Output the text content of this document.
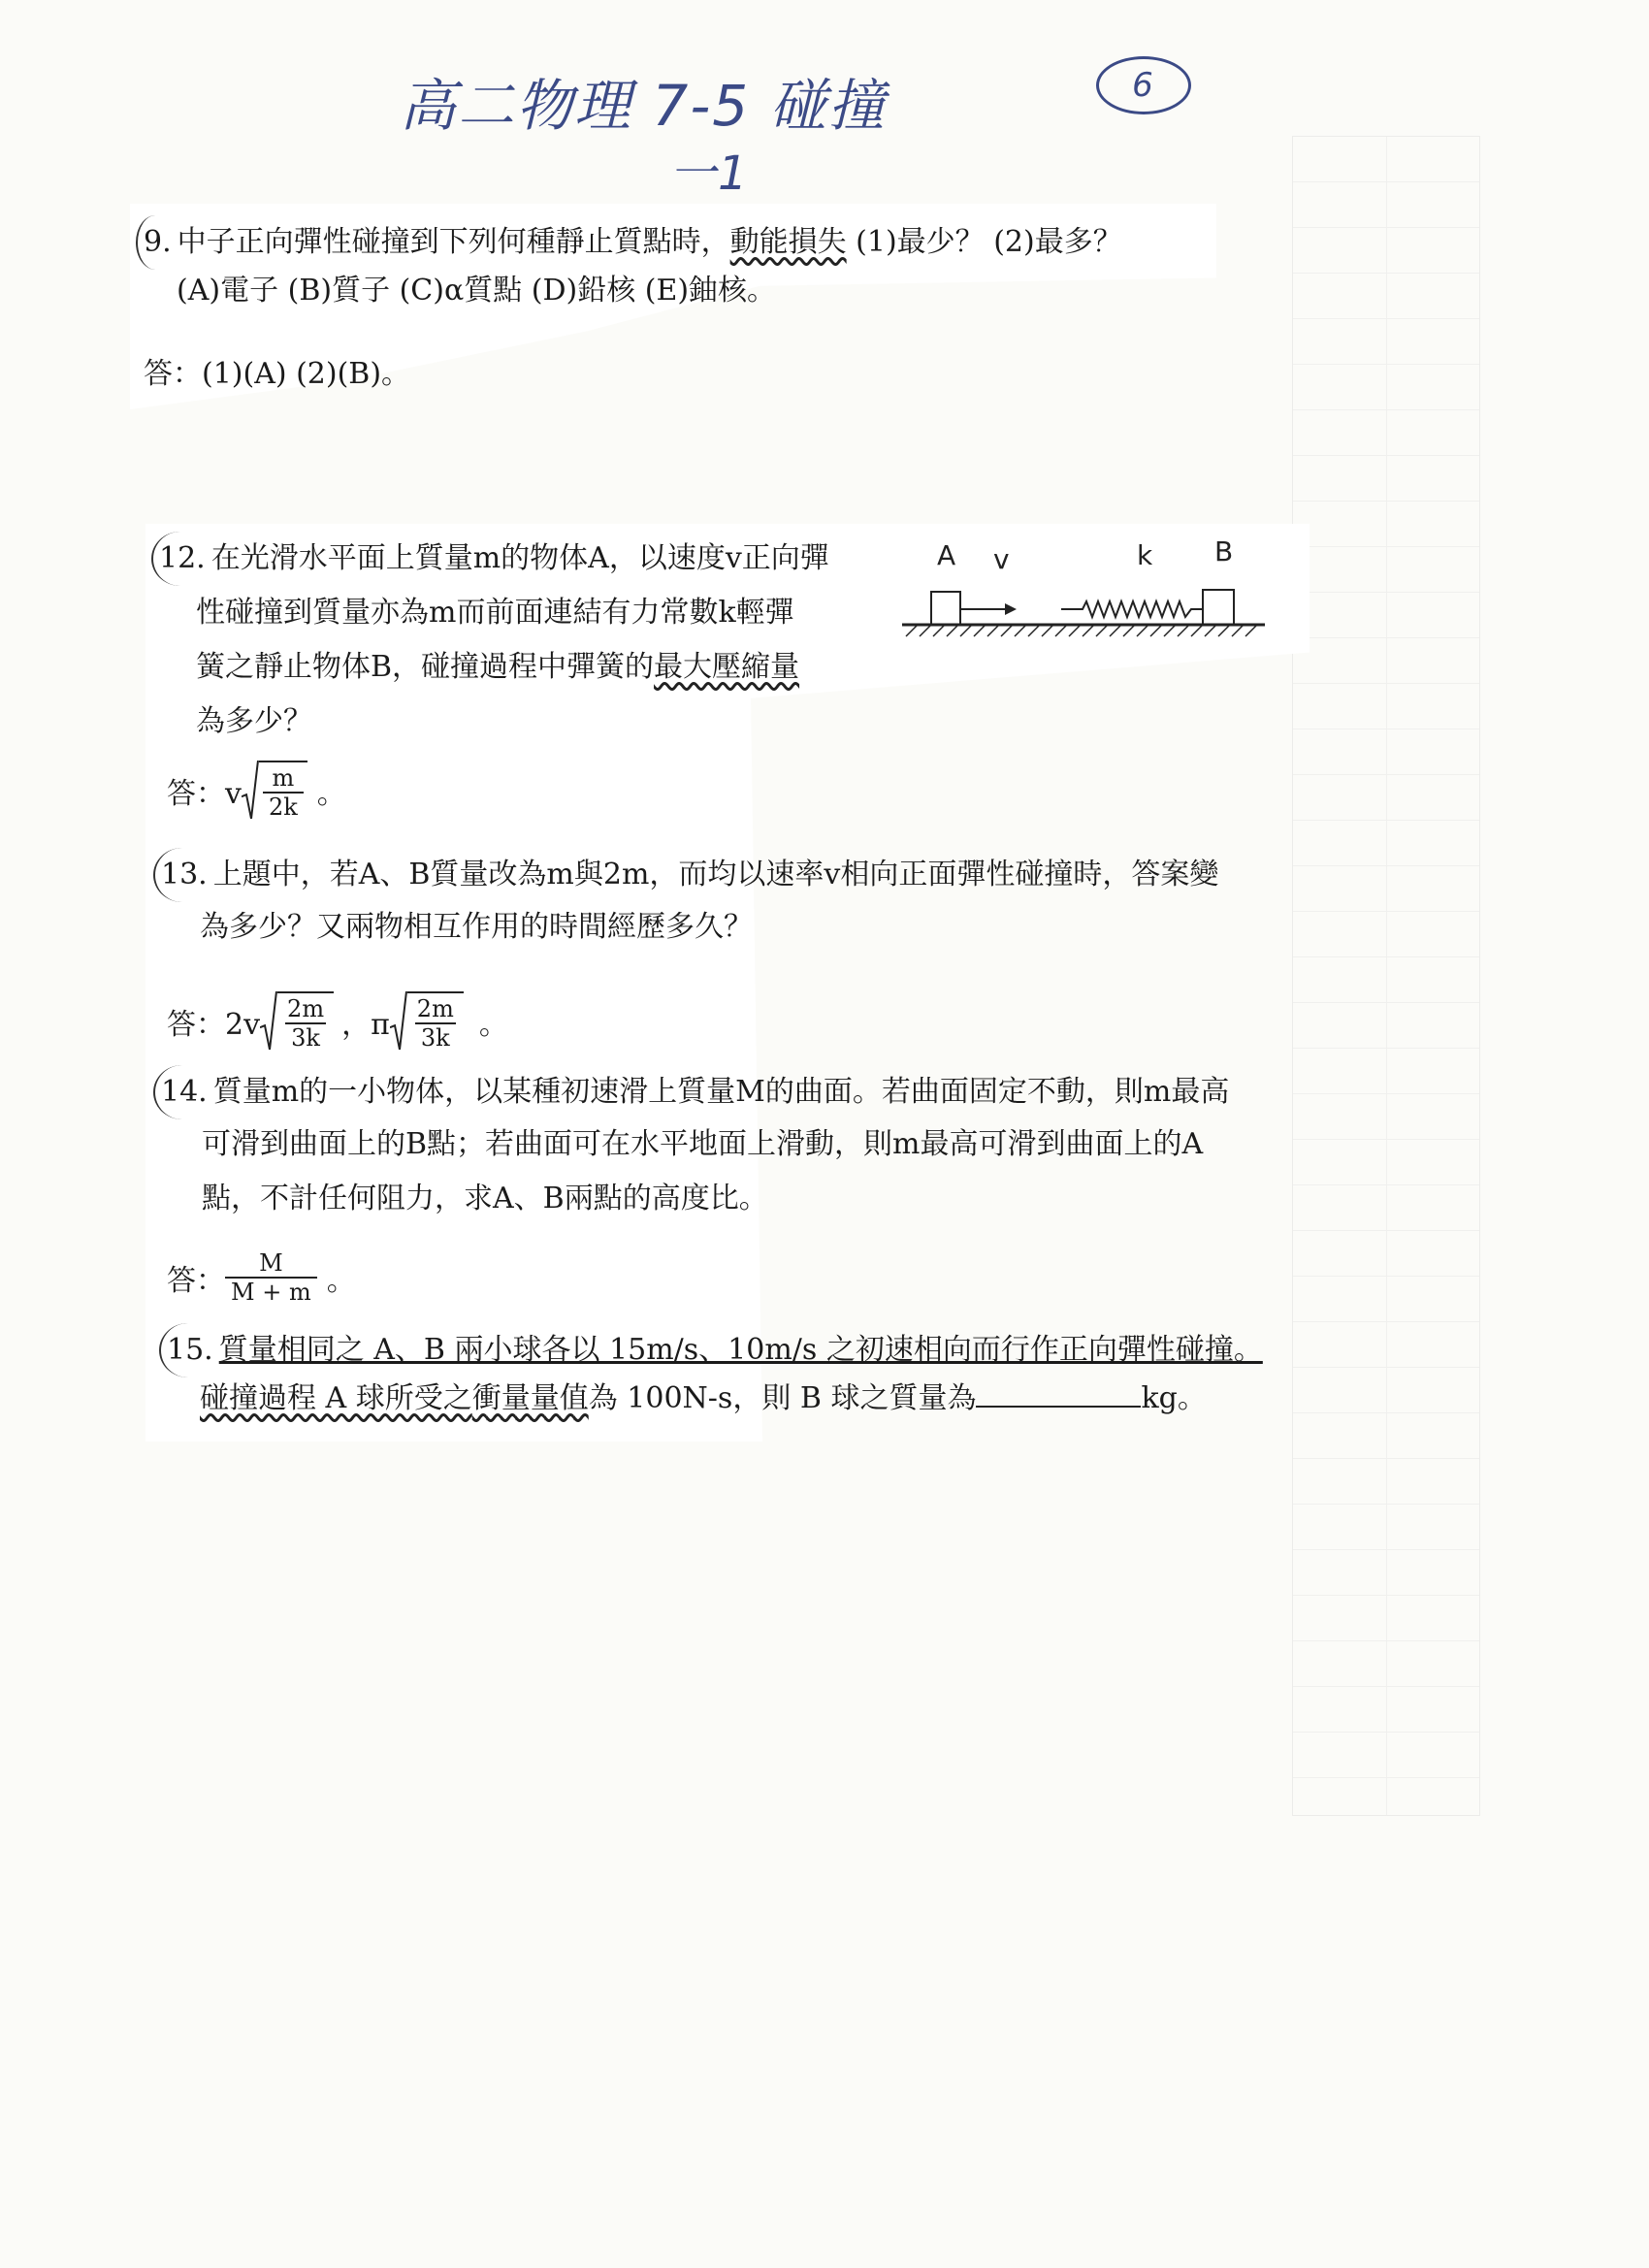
高二物理 7-5 碰撞	6
一1
9. 中子正向彈性碰撞到下列何種靜止質點時，動能損失 (1)最少？ (2)最多？
(A)電子 (B)質子 (C)α質點 (D)鉛核 (E)鈾核。
答：(1)(A) (2)(B)。
12. 在光滑水平面上質量m的物体A，以速度v正向彈
性碰撞到質量亦為m而前面連結有力常數k輕彈
簧之靜止物体B，碰撞過程中彈簧的最大壓縮量
為多少？
A v	k B
答：v $\frac{m}{2k}$ 。
13. 上題中，若A、B質量改為m與2m，而均以速率v相向正面彈性碰撞時，答案變
為多少？又兩物相互作用的時間經歷多久？
答：$2v \frac{2m}{3k}$ ，π $\frac{2m}{3k}$ 。
14. 質量m的一小物体，以某種初速滑上質量M的曲面。若曲面固定不動，則m最高
可滑到曲面上的B點；若曲面可在水平地面上滑動，則m最高可滑到曲面上的A
點，不計任何阻力，求A、B兩點的高度比。
答： $\frac{M}{M + m}$ 。
15. 質量相同之 A、B 兩小球各以 15m/s、10m/s 之初速相向而行作正向彈性碰撞。
碰撞過程 A 球所受之衝量量值為 100N-s，則 B 球之質量為	kg。
